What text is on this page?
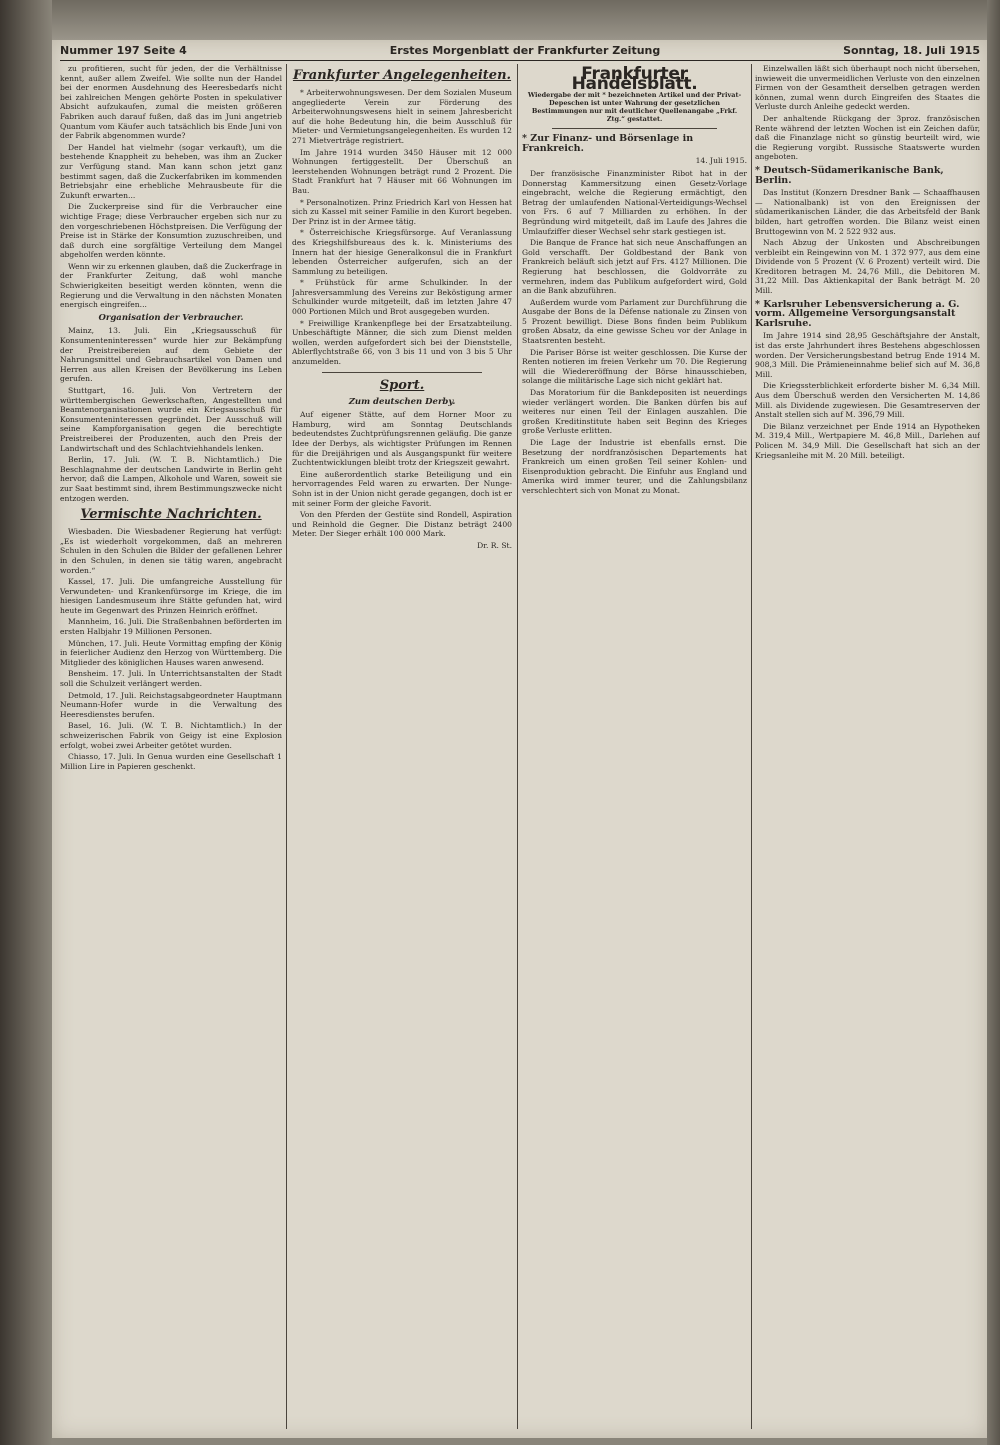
Nummer 197 Seite 4	Erstes Morgenblatt der Frankfurter Zeitung	Sonntag, 18. Juli 1915

zu profitieren, sucht für jeden, der die Verhältnisse kennt, außer allem Zweifel. Wie sollte nun der Handel bei der enormen Ausdehnung des Heeresbedarfs nicht bei zahlreichen Mengen gehörte Posten in spekulativer Absicht aufzukaufen, zumal die meisten größeren Fabriken auch darauf fußen, daß das im Juni angetrieb Quantum vom Käufer auch tatsächlich bis Ende Juni von der Fabrik abgenommen wurde?

Der Handel hat vielmehr (sogar verkauft), um die bestehende Knappheit zu beheben, was ihm an Zucker zur Verfügung stand. Man kann schon jetzt ganz bestimmt sagen, daß die Zuckerfabriken im kommenden Betriebsjahr eine erhebliche Mehrausbeute für die Zukunft erwarten...

Die Zuckerpreise sind für die Verbraucher eine wichtige Frage; diese Verbraucher ergeben sich nur zu den vorgeschriebenen Höchstpreisen. Die Verfügung der Preise ist in Stärke der Konsumtion zuzuschreiben, und daß durch eine sorgfältige Verteilung dem Mangel abgeholfen werden könnte.

Wenn wir zu erkennen glauben, daß die Zuckerfrage in der Frankfurter Zeitung, daß wohl manche Schwierigkeiten beseitigt werden könnten, wenn die Regierung und die Verwaltung in den nächsten Monaten energisch eingreifen...

Organisation der Verbraucher.

Mainz, 13. Juli. Ein „Kriegsausschuß für Konsumenteninteressen“ wurde hier zur Bekämpfung der Preistreibereien auf dem Gebiete der Nahrungsmittel und Gebrauchsartikel von Damen und Herren aus allen Kreisen der Bevölkerung ins Leben gerufen.

Stuttgart, 16. Juli. Von Vertretern der württembergischen Gewerkschaften, Angestellten und Beamtenorganisationen wurde ein Kriegsausschuß für Konsumenteninteressen gegründet. Der Ausschuß will seine Kampforganisation gegen die berechtigte Preistreiberei der Produzenten, auch den Preis der Landwirtschaft und des Schlachtviehhandels lenken.

Berlin, 17. Juli. (W. T. B. Nichtamtlich.) Die Beschlagnahme der deutschen Landwirte in Berlin geht hervor, daß die Lampen, Alkohole und Waren, soweit sie zur Saat bestimmt sind, ihrem Bestimmungszwecke nicht entzogen werden.

Vermischte Nachrichten.

Wiesbaden. Die Wiesbadener Regierung hat verfügt: „Es ist wiederholt vorgekommen, daß an mehreren Schulen in den Schulen die Bilder der gefallenen Lehrer in den Schulen, in denen sie tätig waren, angebracht worden.“

Kassel, 17. Juli. Die umfangreiche Ausstellung für Verwundeten- und Krankenfürsorge im Kriege, die im hiesigen Landesmuseum ihre Stätte gefunden hat, wird heute im Gegenwart des Prinzen Heinrich eröffnet.

Mannheim, 16. Juli. Die Straßenbahnen beförderten im ersten Halbjahr 19 Millionen Personen.

München, 17. Juli. Heute Vormittag empfing der König in feierlicher Audienz den Herzog von Württemberg. Die Mitglieder des königlichen Hauses waren anwesend.

Bensheim. 17. Juli. In Unterrichtsanstalten der Stadt soll die Schulzeit verlängert werden.

Detmold, 17. Juli. Reichstagsabgeordneter Hauptmann Neumann-Hofer wurde in die Verwaltung des Heeresdienstes berufen.

Basel, 16. Juli. (W. T. B. Nichtamtlich.) In der schweizerischen Fabrik von Geigy ist eine Explosion erfolgt, wobei zwei Arbeiter getötet wurden.

Chiasso, 17. Juli. In Genua wurden eine Gesellschaft 1 Million Lire in Papieren geschenkt.

Frankfurter Angelegenheiten.

* Arbeiterwohnungswesen. Der dem Sozialen Museum angegliederte Verein zur Förderung des Arbeiterwohnungswesens hielt in seinem Jahresbericht auf die hohe Bedeutung hin, die beim Ausschluß für Mieter- und Vermietungsangelegenheiten. Es wurden 12 271 Mietverträge registriert.

Im Jahre 1914 wurden 3450 Häuser mit 12 000 Wohnungen fertiggestellt. Der Überschuß an leerstehenden Wohnungen beträgt rund 2 Prozent. Die Stadt Frankfurt hat 7 Häuser mit 66 Wohnungen im Bau.

* Personalnotizen. Prinz Friedrich Karl von Hessen hat sich zu Kassel mit seiner Familie in den Kurort begeben. Der Prinz ist in der Armee tätig.

* Österreichische Kriegsfürsorge. Auf Veranlassung des Kriegshilfsbureaus des k. k. Ministeriums des Innern hat der hiesige Generalkonsul die in Frankfurt lebenden Österreicher aufgerufen, sich an der Sammlung zu beteiligen.

* Frühstück für arme Schulkinder. In der Jahresversammlung des Vereins zur Beköstigung armer Schulkinder wurde mitgeteilt, daß im letzten Jahre 47 000 Portionen Milch und Brot ausgegeben wurden.

* Freiwillige Krankenpflege bei der Ersatzabteilung. Unbeschäftigte Männer, die sich zum Dienst melden wollen, werden aufgefordert sich bei der Dienststelle, Ablerflychtstraße 66, von 3 bis 11 und von 3 bis 5 Uhr anzumelden.

Sport.
Zum deutschen Derby.

Auf eigener Stätte, auf dem Horner Moor zu Hamburg, wird am Sonntag Deutschlands bedeutendstes Zuchtprüfungsrennen geläufig. Die ganze Idee der Derbys, als wichtigster Prüfungen im Rennen für die Dreijährigen und als Ausgangspunkt für weitere Zuchtentwicklungen bleibt trotz der Kriegszeit gewahrt.

Eine außerordentlich starke Beteiligung und ein hervorragendes Feld waren zu erwarten. Der Nunge-Sohn ist in der Union nicht gerade gegangen, doch ist er mit seiner Form der gleiche Favorit.

Von den Pferden der Gestüte sind Rondell, Aspiration und Reinhold die Gegner. Die Distanz beträgt 2400 Meter. Der Sieger erhält 100 000 Mark.

Dr. R. St.

Frankfurter Handelsblatt.
Wiedergabe der mit * bezeichneten Artikel und der Privat-Depeschen ist unter Wahrung der gesetzlichen Bestimmungen nur mit deutlicher Quellenangabe „Frkf. Ztg.“ gestattet.
* Zur Finanz- und Börsenlage in Frankreich.
14. Juli 1915.

Der französische Finanzminister Ribot hat in der Donnerstag Kammersitzung einen Gesetz-Vorlage eingebracht, welche die Regierung ermächtigt, den Betrag der umlaufenden National-Verteidigungs-Wechsel von Frs. 6 auf 7 Milliarden zu erhöhen. In der Begründung wird mitgeteilt, daß im Laufe des Jahres die Umlaufziffer dieser Wechsel sehr stark gestiegen ist.

Die Banque de France hat sich neue Anschaffungen an Gold verschafft. Der Goldbestand der Bank von Frankreich beläuft sich jetzt auf Frs. 4127 Millionen. Die Regierung hat beschlossen, die Goldvorräte zu vermehren, indem das Publikum aufgefordert wird, Gold an die Bank abzuführen.

Außerdem wurde vom Parlament zur Durchführung die Ausgabe der Bons de la Défense nationale zu Zinsen von 5 Prozent bewilligt. Diese Bons finden beim Publikum großen Absatz, da eine gewisse Scheu vor der Anlage in Staatsrenten besteht.

Die Pariser Börse ist weiter geschlossen. Die Kurse der Renten notieren im freien Verkehr um 70. Die Regierung will die Wiedereröffnung der Börse hinausschieben, solange die militärische Lage sich nicht geklärt hat.

Das Moratorium für die Bankdepositen ist neuerdings wieder verlängert worden. Die Banken dürfen bis auf weiteres nur einen Teil der Einlagen auszahlen. Die großen Kreditinstitute haben seit Beginn des Krieges große Verluste erlitten.

Die Lage der Industrie ist ebenfalls ernst. Die Besetzung der nordfranzösischen Departements hat Frankreich um einen großen Teil seiner Kohlen- und Eisenproduktion gebracht. Die Einfuhr aus England und Amerika wird immer teurer, und die Zahlungsbilanz verschlechtert sich von Monat zu Monat.

Einzelwallen läßt sich überhaupt noch nicht übersehen, inwieweit die unvermeidlichen Verluste von den einzelnen Firmen von der Gesamtheit derselben getragen werden können, zumal wenn durch Eingreifen des Staates die Verluste durch Anleihe gedeckt werden.

Der anhaltende Rückgang der 3proz. französischen Rente während der letzten Wochen ist ein Zeichen dafür, daß die Finanzlage nicht so günstig beurteilt wird, wie die Regierung vorgibt. Russische Staatswerte wurden angeboten.

* Deutsch-Südamerikanische Bank, Berlin.

Das Institut (Konzern Dresdner Bank — Schaaffhausen — Nationalbank) ist von den Ereignissen der südamerikanischen Länder, die das Arbeitsfeld der Bank bilden, hart getroffen worden. Die Bilanz weist einen Bruttogewinn von M. 2 522 932 aus.

Nach Abzug der Unkosten und Abschreibungen verbleibt ein Reingewinn von M. 1 372 977, aus dem eine Dividende von 5 Prozent (V. 6 Prozent) verteilt wird. Die Kreditoren betragen M. 24,76 Mill., die Debitoren M. 31,22 Mill. Das Aktienkapital der Bank beträgt M. 20 Mill.

* Karlsruher Lebensversicherung a. G. vorm. Allgemeine Versorgungsanstalt Karlsruhe.

Im Jahre 1914 sind 28,95 Geschäftsjahre der Anstalt, ist das erste Jahrhundert ihres Bestehens abgeschlossen worden. Der Versicherungsbestand betrug Ende 1914 M. 908,3 Mill. Die Prämieneinnahme belief sich auf M. 36,8 Mill.

Die Kriegssterblichkeit erforderte bisher M. 6,34 Mill. Aus dem Überschuß werden den Versicherten M. 14,86 Mill. als Dividende zugewiesen. Die Gesamtreserven der Anstalt stellen sich auf M. 396,79 Mill.

Die Bilanz verzeichnet per Ende 1914 an Hypotheken M. 319,4 Mill., Wertpapiere M. 46,8 Mill., Darlehen auf Policen M. 34,9 Mill. Die Gesellschaft hat sich an der Kriegsanleihe mit M. 20 Mill. beteiligt.
